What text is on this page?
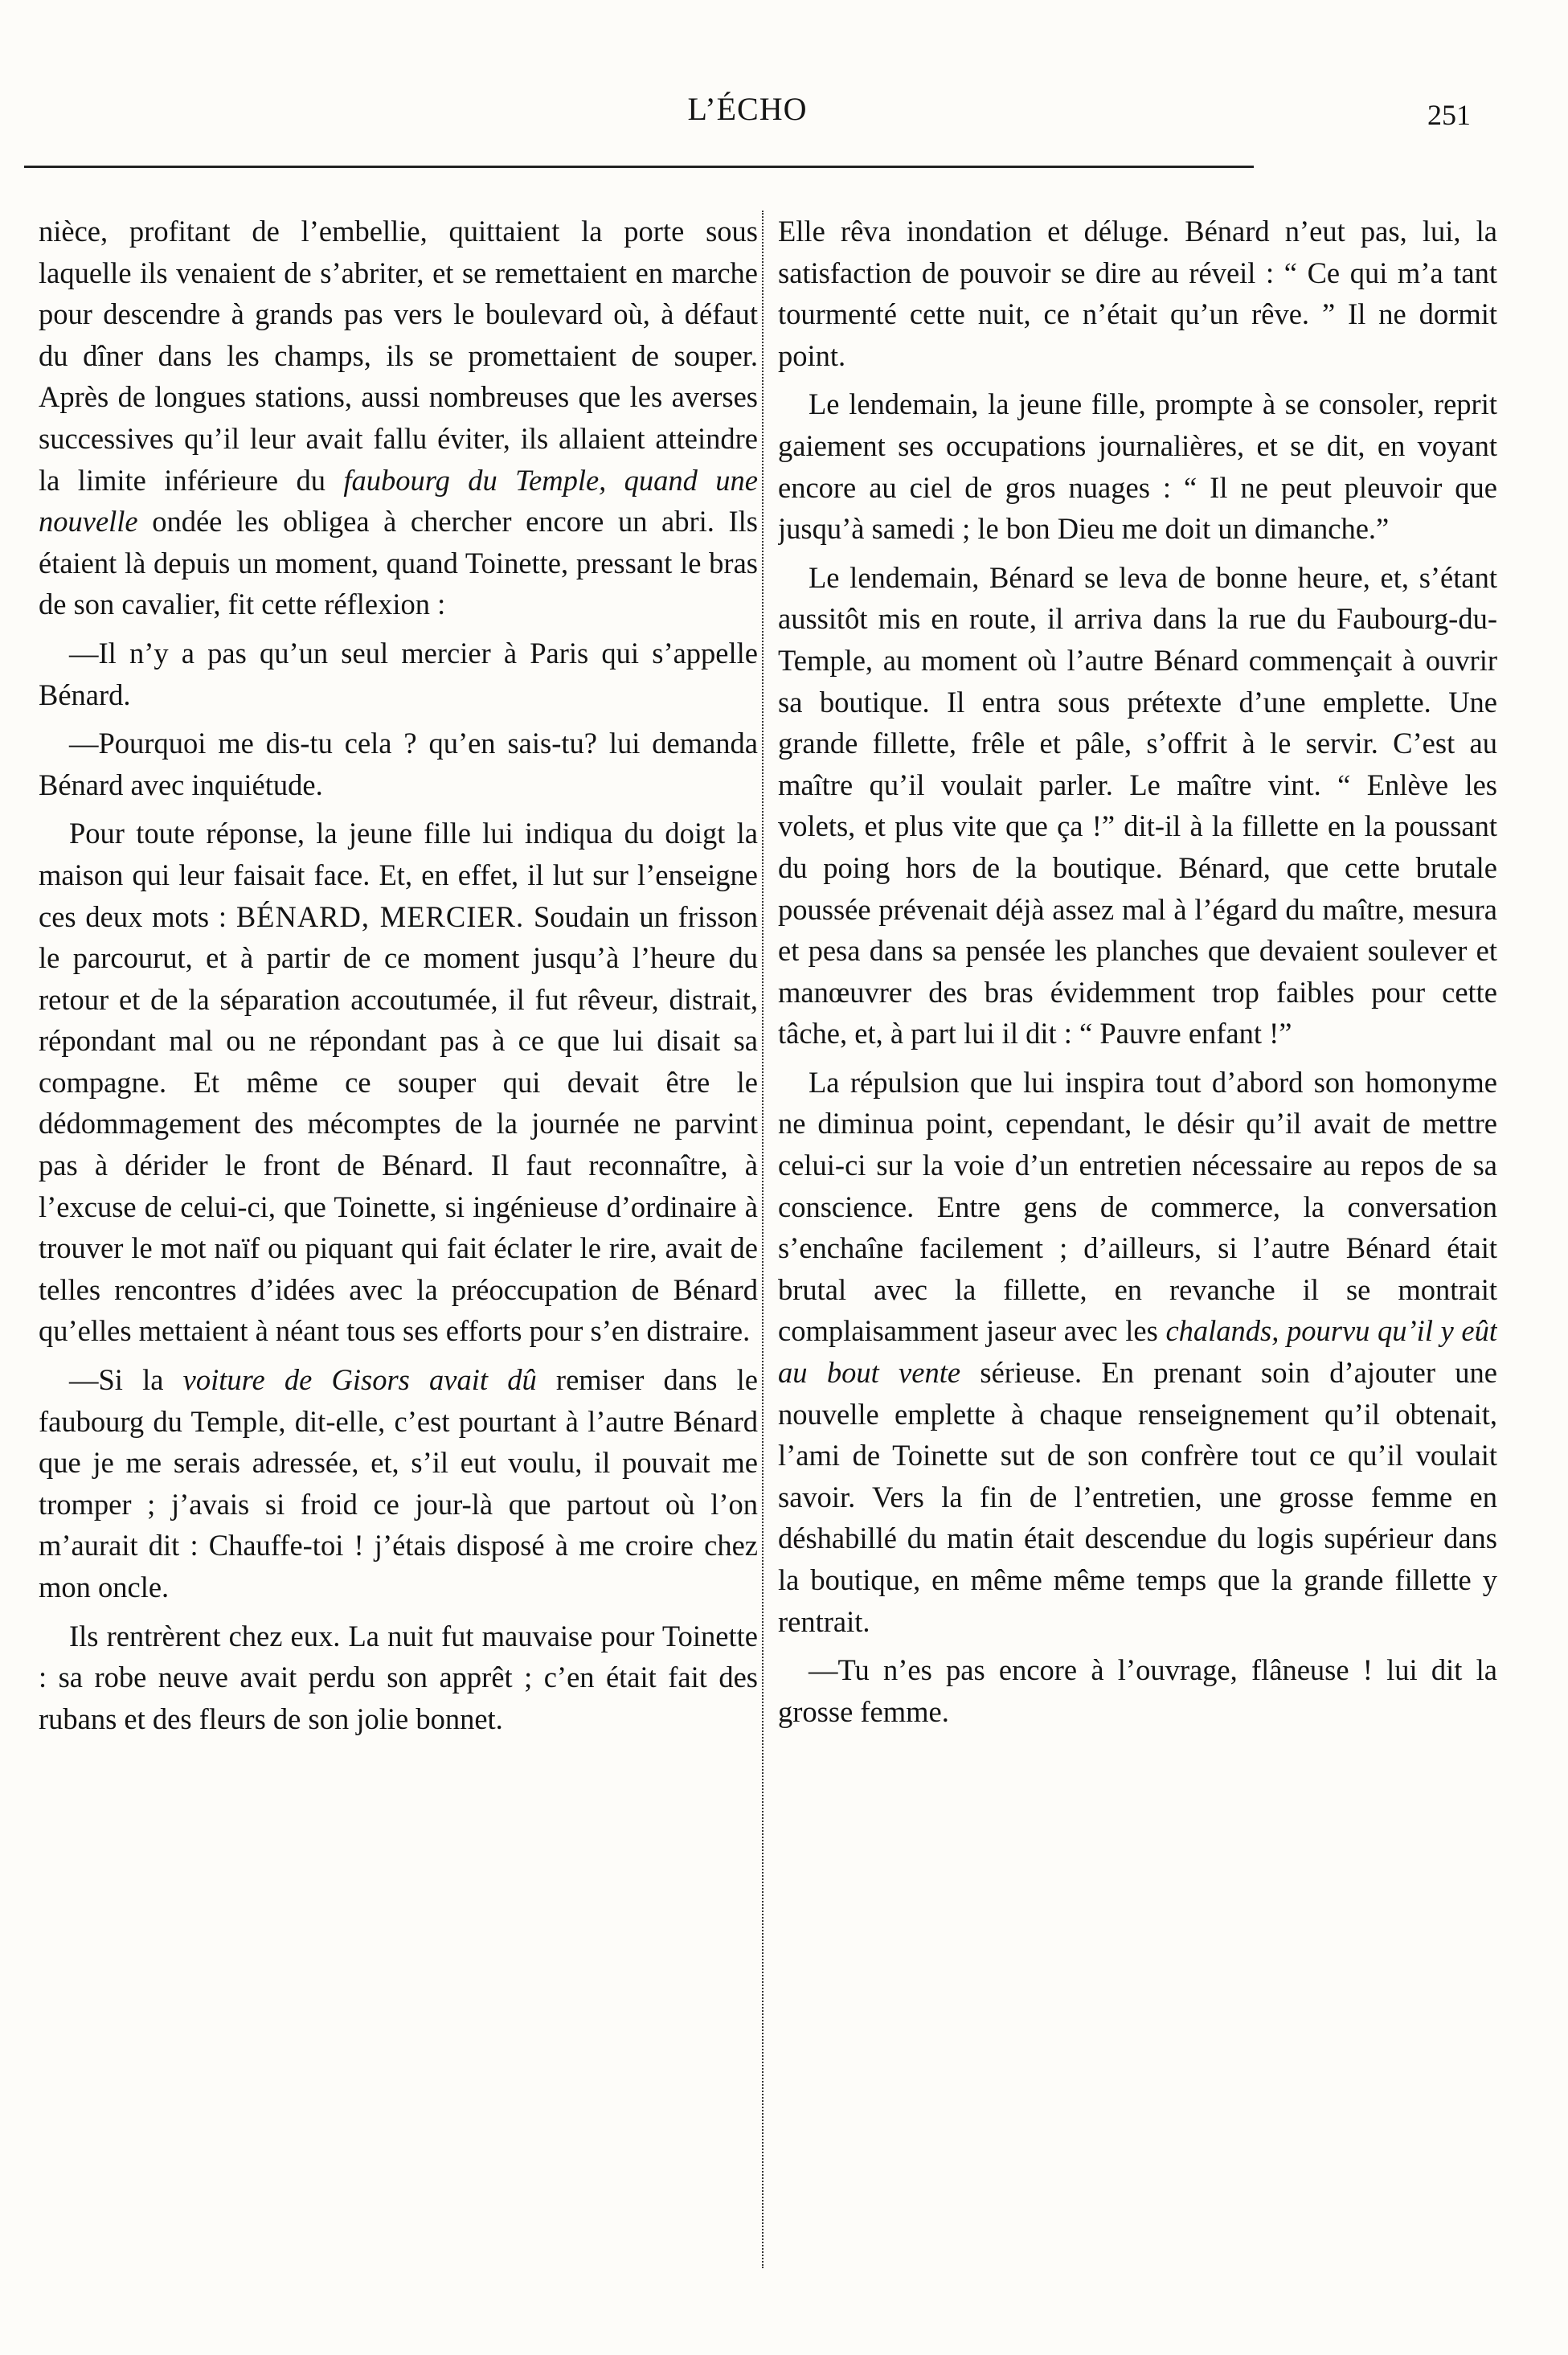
L’ÉCHO	251

nièce, profitant de l’embellie, quittaient la porte sous laquelle ils venaient de s’abriter, et se remettaient en marche pour descendre à grands pas vers le boulevard où, à défaut du dîner dans les champs, ils se promettaient de souper. Après de longues stations, aussi nombreuses que les averses successives qu’il leur avait fallu éviter, ils allaient atteindre la limite inférieure du faubourg du Temple, quand une nouvelle ondée les obligea à chercher encore un abri. Ils étaient là depuis un moment, quand Toinette, pressant le bras de son cavalier, fit cette réflexion :

—Il n’y a pas qu’un seul mercier à Paris qui s’appelle Bénard.

—Pourquoi me dis-tu cela ? qu’en sais-tu? lui demanda Bénard avec inquiétude.

Pour toute réponse, la jeune fille lui indiqua du doigt la maison qui leur faisait face. Et, en effet, il lut sur l’enseigne ces deux mots : BÉNARD, MERCIER. Soudain un frisson le parcourut, et à partir de ce moment jusqu’à l’heure du retour et de la séparation accoutumée, il fut rêveur, distrait, répondant mal ou ne répondant pas à ce que lui disait sa compagne. Et même ce souper qui devait être le dédommagement des mécomptes de la journée ne parvint pas à dérider le front de Bénard. Il faut reconnaître, à l’excuse de celui-ci, que Toinette, si ingénieuse d’ordinaire à trouver le mot naïf ou piquant qui fait éclater le rire, avait de telles rencontres d’idées avec la préoccupation de Bénard qu’elles mettaient à néant tous ses efforts pour s’en distraire.

—Si la voiture de Gisors avait dû remiser dans le faubourg du Temple, dit-elle, c’est pourtant à l’autre Bénard que je me serais adressée, et, s’il eut voulu, il pouvait me tromper ; j’avais si froid ce jour-là que partout où l’on m’aurait dit : Chauffe-toi ! j’étais disposé à me croire chez mon oncle.

Ils rentrèrent chez eux. La nuit fut mauvaise pour Toinette : sa robe neuve avait perdu son apprêt ; c’en était fait des rubans et des fleurs de son jolie bonnet.

Elle rêva inondation et déluge. Bénard n’eut pas, lui, la satisfaction de pouvoir se dire au réveil : “ Ce qui m’a tant tourmenté cette nuit, ce n’était qu’un rêve. ” Il ne dormit point.

Le lendemain, la jeune fille, prompte à se consoler, reprit gaiement ses occupations journalières, et se dit, en voyant encore au ciel de gros nuages : “ Il ne peut pleuvoir que jusqu’à samedi ; le bon Dieu me doit un dimanche.”

Le lendemain, Bénard se leva de bonne heure, et, s’étant aussitôt mis en route, il arriva dans la rue du Faubourg-du-Temple, au moment où l’autre Bénard commençait à ouvrir sa boutique. Il entra sous prétexte d’une emplette. Une grande fillette, frêle et pâle, s’offrit à le servir. C’est au maître qu’il voulait parler. Le maître vint. “ Enlève les volets, et plus vite que ça !” dit-il à la fillette en la poussant du poing hors de la boutique. Bénard, que cette brutale poussée prévenait déjà assez mal à l’égard du maître, mesura et pesa dans sa pensée les planches que devaient soulever et manœuvrer des bras évidemment trop faibles pour cette tâche, et, à part lui il dit : “ Pauvre enfant !”

La répulsion que lui inspira tout d’abord son homonyme ne diminua point, cependant, le désir qu’il avait de mettre celui-ci sur la voie d’un entretien nécessaire au repos de sa conscience. Entre gens de commerce, la conversation s’enchaîne facilement ; d’ailleurs, si l’autre Bénard était brutal avec la fillette, en revanche il se montrait complaisamment jaseur avec les chalands, pourvu qu’il y eût au bout vente sérieuse. En prenant soin d’ajouter une nouvelle emplette à chaque renseignement qu’il obtenait, l’ami de Toinette sut de son confrère tout ce qu’il voulait savoir. Vers la fin de l’entretien, une grosse femme en déshabillé du matin était descendue du logis supérieur dans la boutique, en même même temps que la grande fillette y rentrait.

—Tu n’es pas encore à l’ouvrage, flâneuse ! lui dit la grosse femme.
